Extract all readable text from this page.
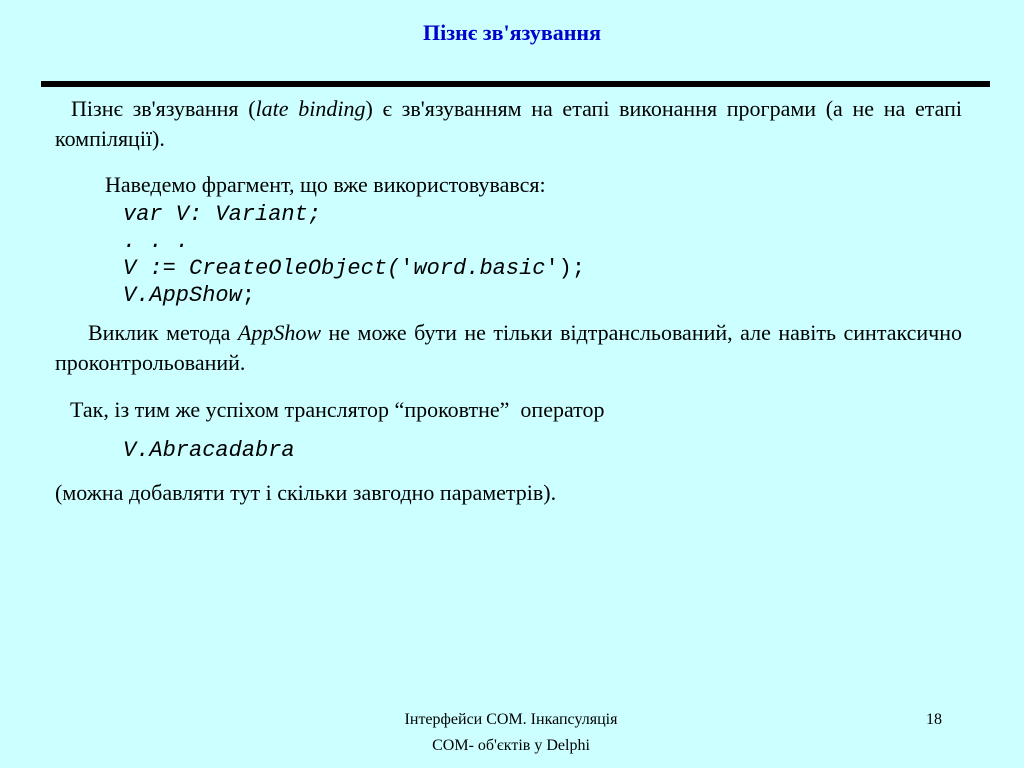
Пізнє зв'язування
Пізнє зв'язування (late binding) є зв'язуванням на етапі виконання програми (а не на етапі компіляції).
Наведемо фрагмент, що вже використовувався:
var V: Variant;
. . .
V := CreateOleObject('word.basic');
V.AppShow;
Виклик метода AppShow не може бути не тільки відтрансльований, але навіть синтаксично проконтрольований.
Так, із тим же успіхом транслятор “проковтне”  оператор
V.Abracadabra
(можна добавляти тут і скільки завгодно параметрів).
Інтерфейси COM. Інкапсуляція
COM- об'єктів у Delphi
18
